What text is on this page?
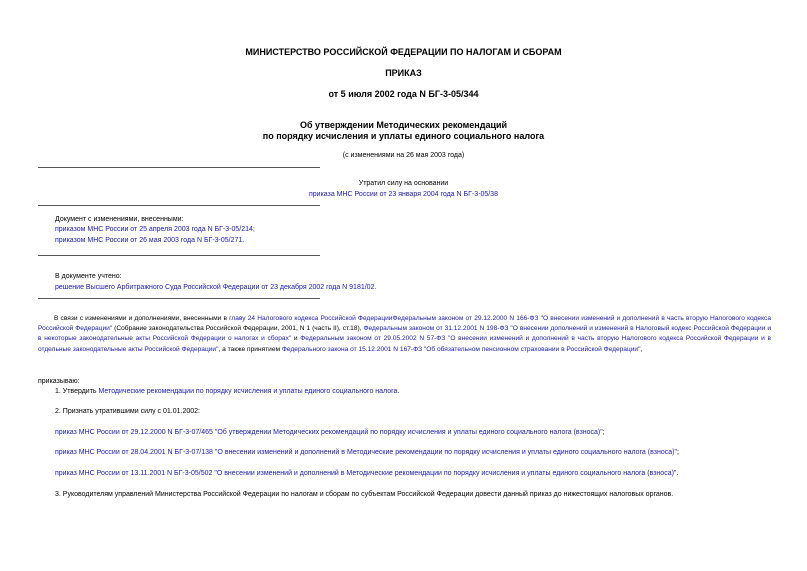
МИНИСТЕРСТВО РОССИЙСКОЙ ФЕДЕРАЦИИ ПО НАЛОГАМ И СБОРАМ
ПРИКАЗ
от 5 июля 2002 года N БГ-3-05/344
Об утверждении Методических рекомендаций
по порядку исчисления и уплаты единого социального налога
(с изменениями на 26 мая 2003 года)
Утратил силу на основании
приказа МНС России от 23 января 2004 года N БГ-3-05/38
Документ с изменениями, внесенными:
приказом МНС России от 25 апреля 2003 года N БГ-3-05/214;
приказом МНС России от 26 мая 2003 года N БГ-3-05/271.
В документе учтено:
решение Высшего Арбитражного Суда Российской Федерации от 23 декабря 2002 года N 9181/02.
В связи с изменениями и дополнениями, внесенными в главу 24 Налогового кодекса Российской ФедерацииФедеральным законом от 29.12.2000 N 166-ФЗ "О внесении изменений и дополнений в часть вторую Налогового кодекса Российской Федерации" (Собрание законодательства Российской Федерации, 2001, N 1 (часть II), ст.18), Федеральным законом от 31.12.2001 N 198-ФЗ "О внесении дополнений и изменений в Налоговый кодекс Российской Федерации и в некоторые законодательные акты Российской Федерации о налогах и сборах" и Федеральным законом от 29.05.2002 N 57-ФЗ "О внесении изменений и дополнений в часть вторую Налогового кодекса Российской Федерации и в отдельные законодательные акты Российской Федерации", а также принятием Федерального закона от 15.12.2001 N 167-ФЗ "Об обязательном пенсионном страховании в Российской Федерации",
приказываю:
1. Утвердить Методические рекомендации по порядку исчисления и уплаты единого социального налога.
2. Признать утратившими силу с 01.01.2002:
приказ МНС России от 29.12.2000 N БГ-3-07/465 "Об утверждении Методических рекомендаций по порядку исчисления и уплаты единого социального налога (взноса)";
приказ МНС России от 28.04.2001 N БГ-3-07/138 "О внесении изменений и дополнений в Методические рекомендации по порядку исчисления и уплаты единого социального налога (взноса)";
приказ МНС России от 13.11.2001 N БГ-3-05/502 "О внесении изменений и дополнений в Методические рекомендации по порядку исчисления и уплаты единого социального налога (взноса)".
3. Руководителям управлений Министерства Российской Федерации по налогам и сборам по субъектам Российской Федерации довести данный приказ до нижестоящих налоговых органов.
